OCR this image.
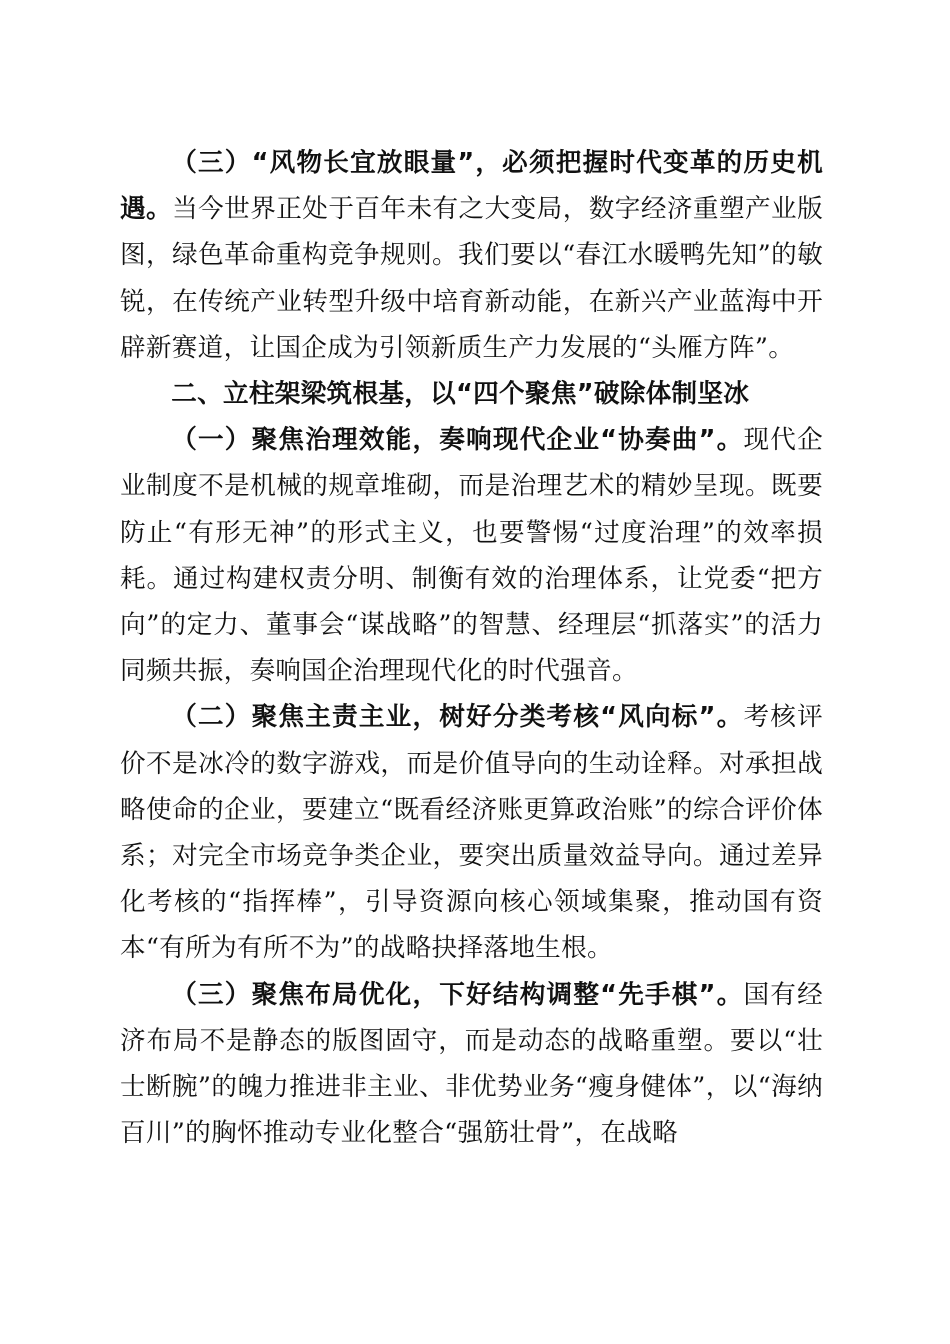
（三）“风物长宜放眼量”，必须把握时代变革的历史机遇。当今世界正处于百年未有之大变局，数字经济重塑产业版图，绿色革命重构竞争规则。我们要以“春江水暖鸭先知”的敏锐，在传统产业转型升级中培育新动能，在新兴产业蓝海中开辟新赛道，让国企成为引领新质生产力发展的“头雁方阵”。

二、立柱架梁筑根基，以“四个聚焦”破除体制坚冰

（一）聚焦治理效能，奏响现代企业“协奏曲”。现代企业制度不是机械的规章堆砌，而是治理艺术的精妙呈现。既要防止“有形无神”的形式主义，也要警惕“过度治理”的效率损耗。通过构建权责分明、制衡有效的治理体系，让党委“把方向”的定力、董事会“谋战略”的智慧、经理层“抓落实”的活力同频共振，奏响国企治理现代化的时代强音。

（二）聚焦主责主业，树好分类考核“风向标”。考核评价不是冰冷的数字游戏，而是价值导向的生动诠释。对承担战略使命的企业，要建立“既看经济账更算政治账”的综合评价体系；对完全市场竞争类企业，要突出质量效益导向。通过差异化考核的“指挥棒”，引导资源向核心领域集聚，推动国有资本“有所为有所不为”的战略抉择落地生根。

（三）聚焦布局优化，下好结构调整“先手棋”。国有经济布局不是静态的版图固守，而是动态的战略重塑。要以“壮士断腕”的魄力推进非主业、非优势业务“瘦身健体”，以“海纳百川”的胸怀推动专业化整合“强筋壮骨”，在战略
